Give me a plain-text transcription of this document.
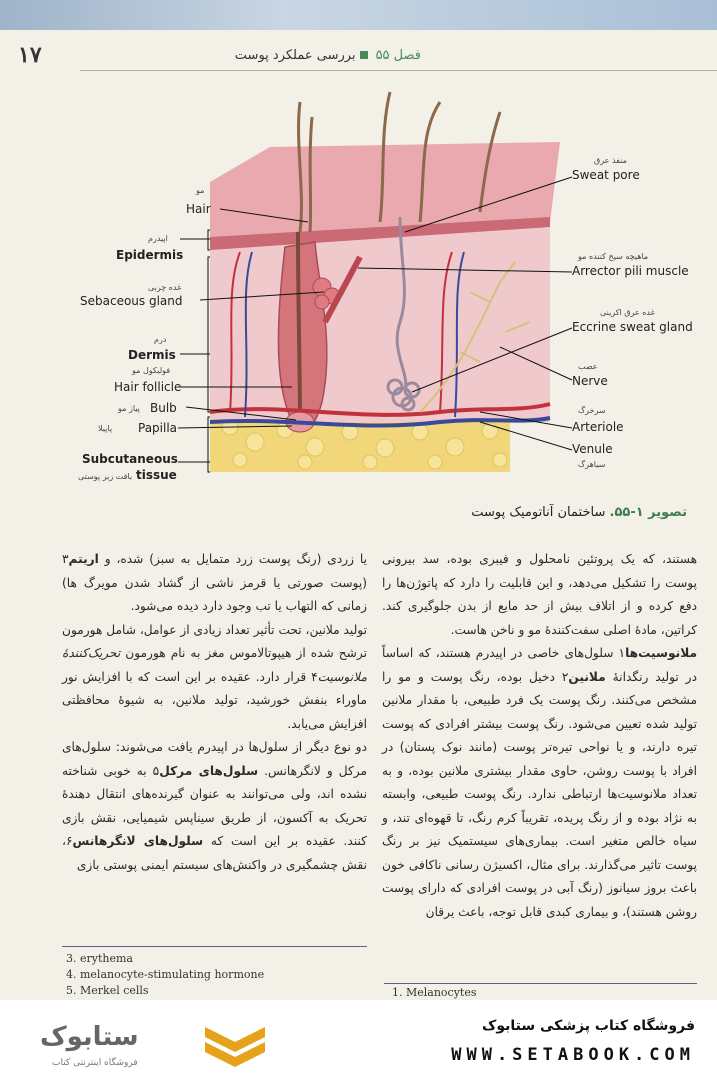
۱۷	فصل ۵۵بررسی عملکرد پوست
مو
Hair
اپیدرم
Epidermis
غده چربی
Sebaceous gland
درم
Dermis
فولیکول مو
Hair follicle
Bulb
پیاز مو
Papilla
پاپیلا
Subcutaneous
بافت زیر پوستی tissue
منفذ عرق
Sweat pore
ماهیچه سیخ کننده مو
Arrector pili muscle
غده عرق اکرینی
Eccrine sweat gland
عصب
Nerve
سرخرگ
Arteriole
Venule
سیاهرگ
تصویر ۱-۵۵. ساختمان آناتومیک پوست

هستند، که یک پروتئین نامحلول و فیبری بوده، سد بیرونی پوست را تشکیل می‌دهد، و این قابلیت را دارد که پاتوژن‌ها را دفع کرده و از اتلاف بیش از حد مایع از بدن جلوگیری کند. کراتین، مادهٔ اصلی سفت‌کنندهٔ مو و ناخن هاست.

ملانوسیت‌ها۱ سلول‌های خاصی در اپیدرم هستند، که اساساً در تولید رنگدانهٔ ملانین۲ دخیل بوده، رنگ پوست و مو را مشخص می‌کنند. رنگ پوست یک فرد طبیعی، با مقدار ملانین تولید شده تعیین می‌شود. رنگ پوست بیشتر افرادی که پوست تیره دارند، و یا نواحی تیره‌تر پوست (مانند نوک پستان) در افراد با پوست روشن، حاوی مقدار بیشتری ملانین بوده، و به تعداد ملانوسیت‌ها ارتباطی ندارد. رنگ پوست طبیعی، وابسته به نژاد بوده و از رنگ پریده، تقریباً کرم رنگ، تا قهوه‌ای تند، و سیاه خالص متغیر است. بیماری‌های سیستمیک نیز بر رنگ پوست تاثیر می‌گذارند. برای مثال، اکسیژن رسانی ناکافی خون باعث بروز سیانوز (رنگ آبی در پوست افرادی که دارای پوست روشن هستند)، و بیماری کبدی قابل توجه، باعث یرقان

یا زردی (رنگ پوست زرد متمایل به سبز) شده، و اریتم۳ (پوست صورتی یا قرمز ناشی از گشاد شدن مویرگ ها) زمانی که التهاب یا تب وجود دارد دیده می‌شود.

تولید ملانین، تحت تأثیر تعداد زیادی از عوامل، شامل هورمون ترشح شده از هیپوتالاموس مغز به نام هورمون تحریک‌کنندهٔ ملانوسیت۴ قرار دارد. عقیده بر این است که با افزایش نور ماوراء بنفش خورشید، تولید ملانین، به شیوهٔ محافظتی افزایش می‌یابد.

دو نوع دیگر از سلول‌ها در اپیدرم یافت می‌شوند: سلول‌های مرکل و لانگرهانس. سلول‌های مرکل۵ به خوبی شناخته نشده اند، ولی می‌توانند به عنوان گیرنده‌های انتقال دهندهٔ تحریک به آکسون، از طریق سیناپس شیمیایی، نقش بازی کنند. عقیده بر این است که سلول‌های لانگرهانس۶، نقش چشمگیری در واکنش‌های سیستم ایمنی پوستی بازی

3. erythema
4. melanocyte-stimulating hormone
5. Merkel cells	1. Melanocytes
ستابوک
فروشگاه اینترنتی کتاب
فروشگاه کتاب پزشکی ستابوک
WWW.SETABOOK.COM
